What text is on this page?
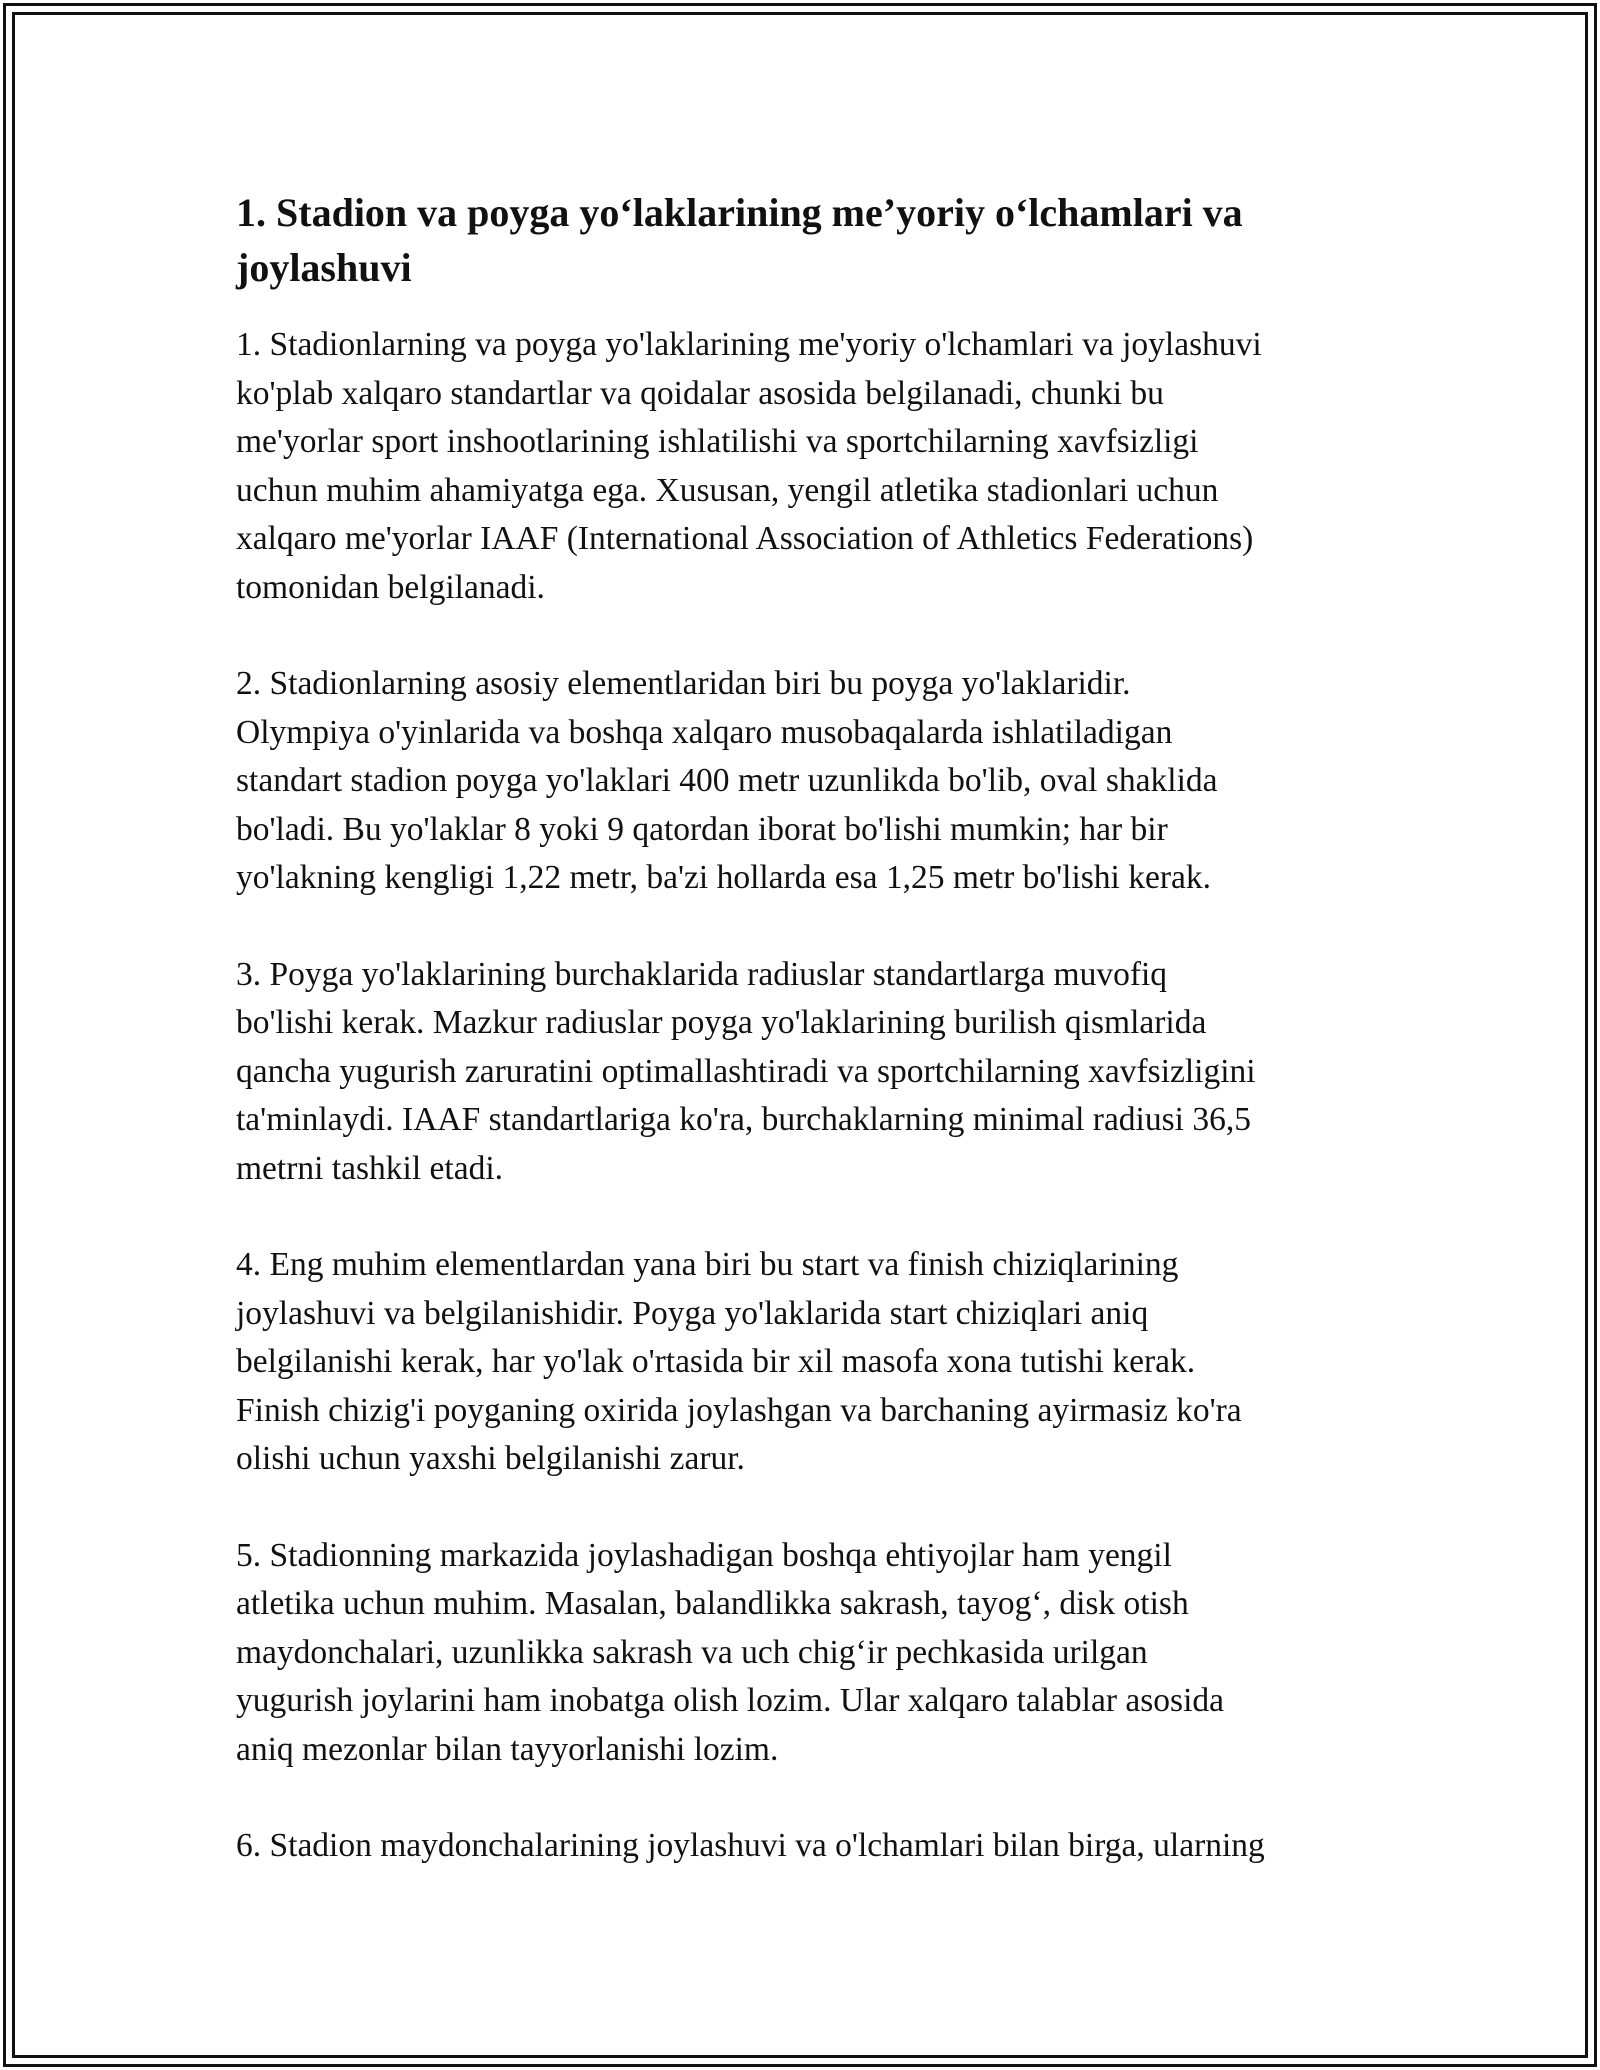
1. Stadion va poyga yo‘laklarining me’yoriy o‘lchamlari va
joylashuvi

1. Stadionlarning va poyga yo'laklarining me'yoriy o'lchamlari va joylashuvi
ko'plab xalqaro standartlar va qoidalar asosida belgilanadi, chunki bu
me'yorlar sport inshootlarining ishlatilishi va sportchilarning xavfsizligi
uchun muhim ahamiyatga ega. Xususan, yengil atletika stadionlari uchun
xalqaro me'yorlar IAAF (International Association of Athletics Federations)
tomonidan belgilanadi.

2. Stadionlarning asosiy elementlaridan biri bu poyga yo'laklaridir.
Olympiya o'yinlarida va boshqa xalqaro musobaqalarda ishlatiladigan
standart stadion poyga yo'laklari 400 metr uzunlikda bo'lib, oval shaklida
bo'ladi. Bu yo'laklar 8 yoki 9 qatordan iborat bo'lishi mumkin; har bir
yo'lakning kengligi 1,22 metr, ba'zi hollarda esa 1,25 metr bo'lishi kerak.

3. Poyga yo'laklarining burchaklarida radiuslar standartlarga muvofiq
bo'lishi kerak. Mazkur radiuslar poyga yo'laklarining burilish qismlarida
qancha yugurish zaruratini optimallashtiradi va sportchilarning xavfsizligini
ta'minlaydi. IAAF standartlariga ko'ra, burchaklarning minimal radiusi 36,5
metrni tashkil etadi.

4. Eng muhim elementlardan yana biri bu start va finish chiziqlarining
joylashuvi va belgilanishidir. Poyga yo'laklarida start chiziqlari aniq
belgilanishi kerak, har yo'lak o'rtasida bir xil masofa xona tutishi kerak.
Finish chizig'i poyganing oxirida joylashgan va barchaning ayirmasiz ko'ra
olishi uchun yaxshi belgilanishi zarur.

5. Stadionning markazida joylashadigan boshqa ehtiyojlar ham yengil
atletika uchun muhim. Masalan, balandlikka sakrash, tayog‘, disk otish
maydonchalari, uzunlikka sakrash va uch chig‘ir pechkasida urilgan
yugurish joylarini ham inobatga olish lozim. Ular xalqaro talablar asosida
aniq mezonlar bilan tayyorlanishi lozim.

6. Stadion maydonchalarining joylashuvi va o'lchamlari bilan birga, ularning
